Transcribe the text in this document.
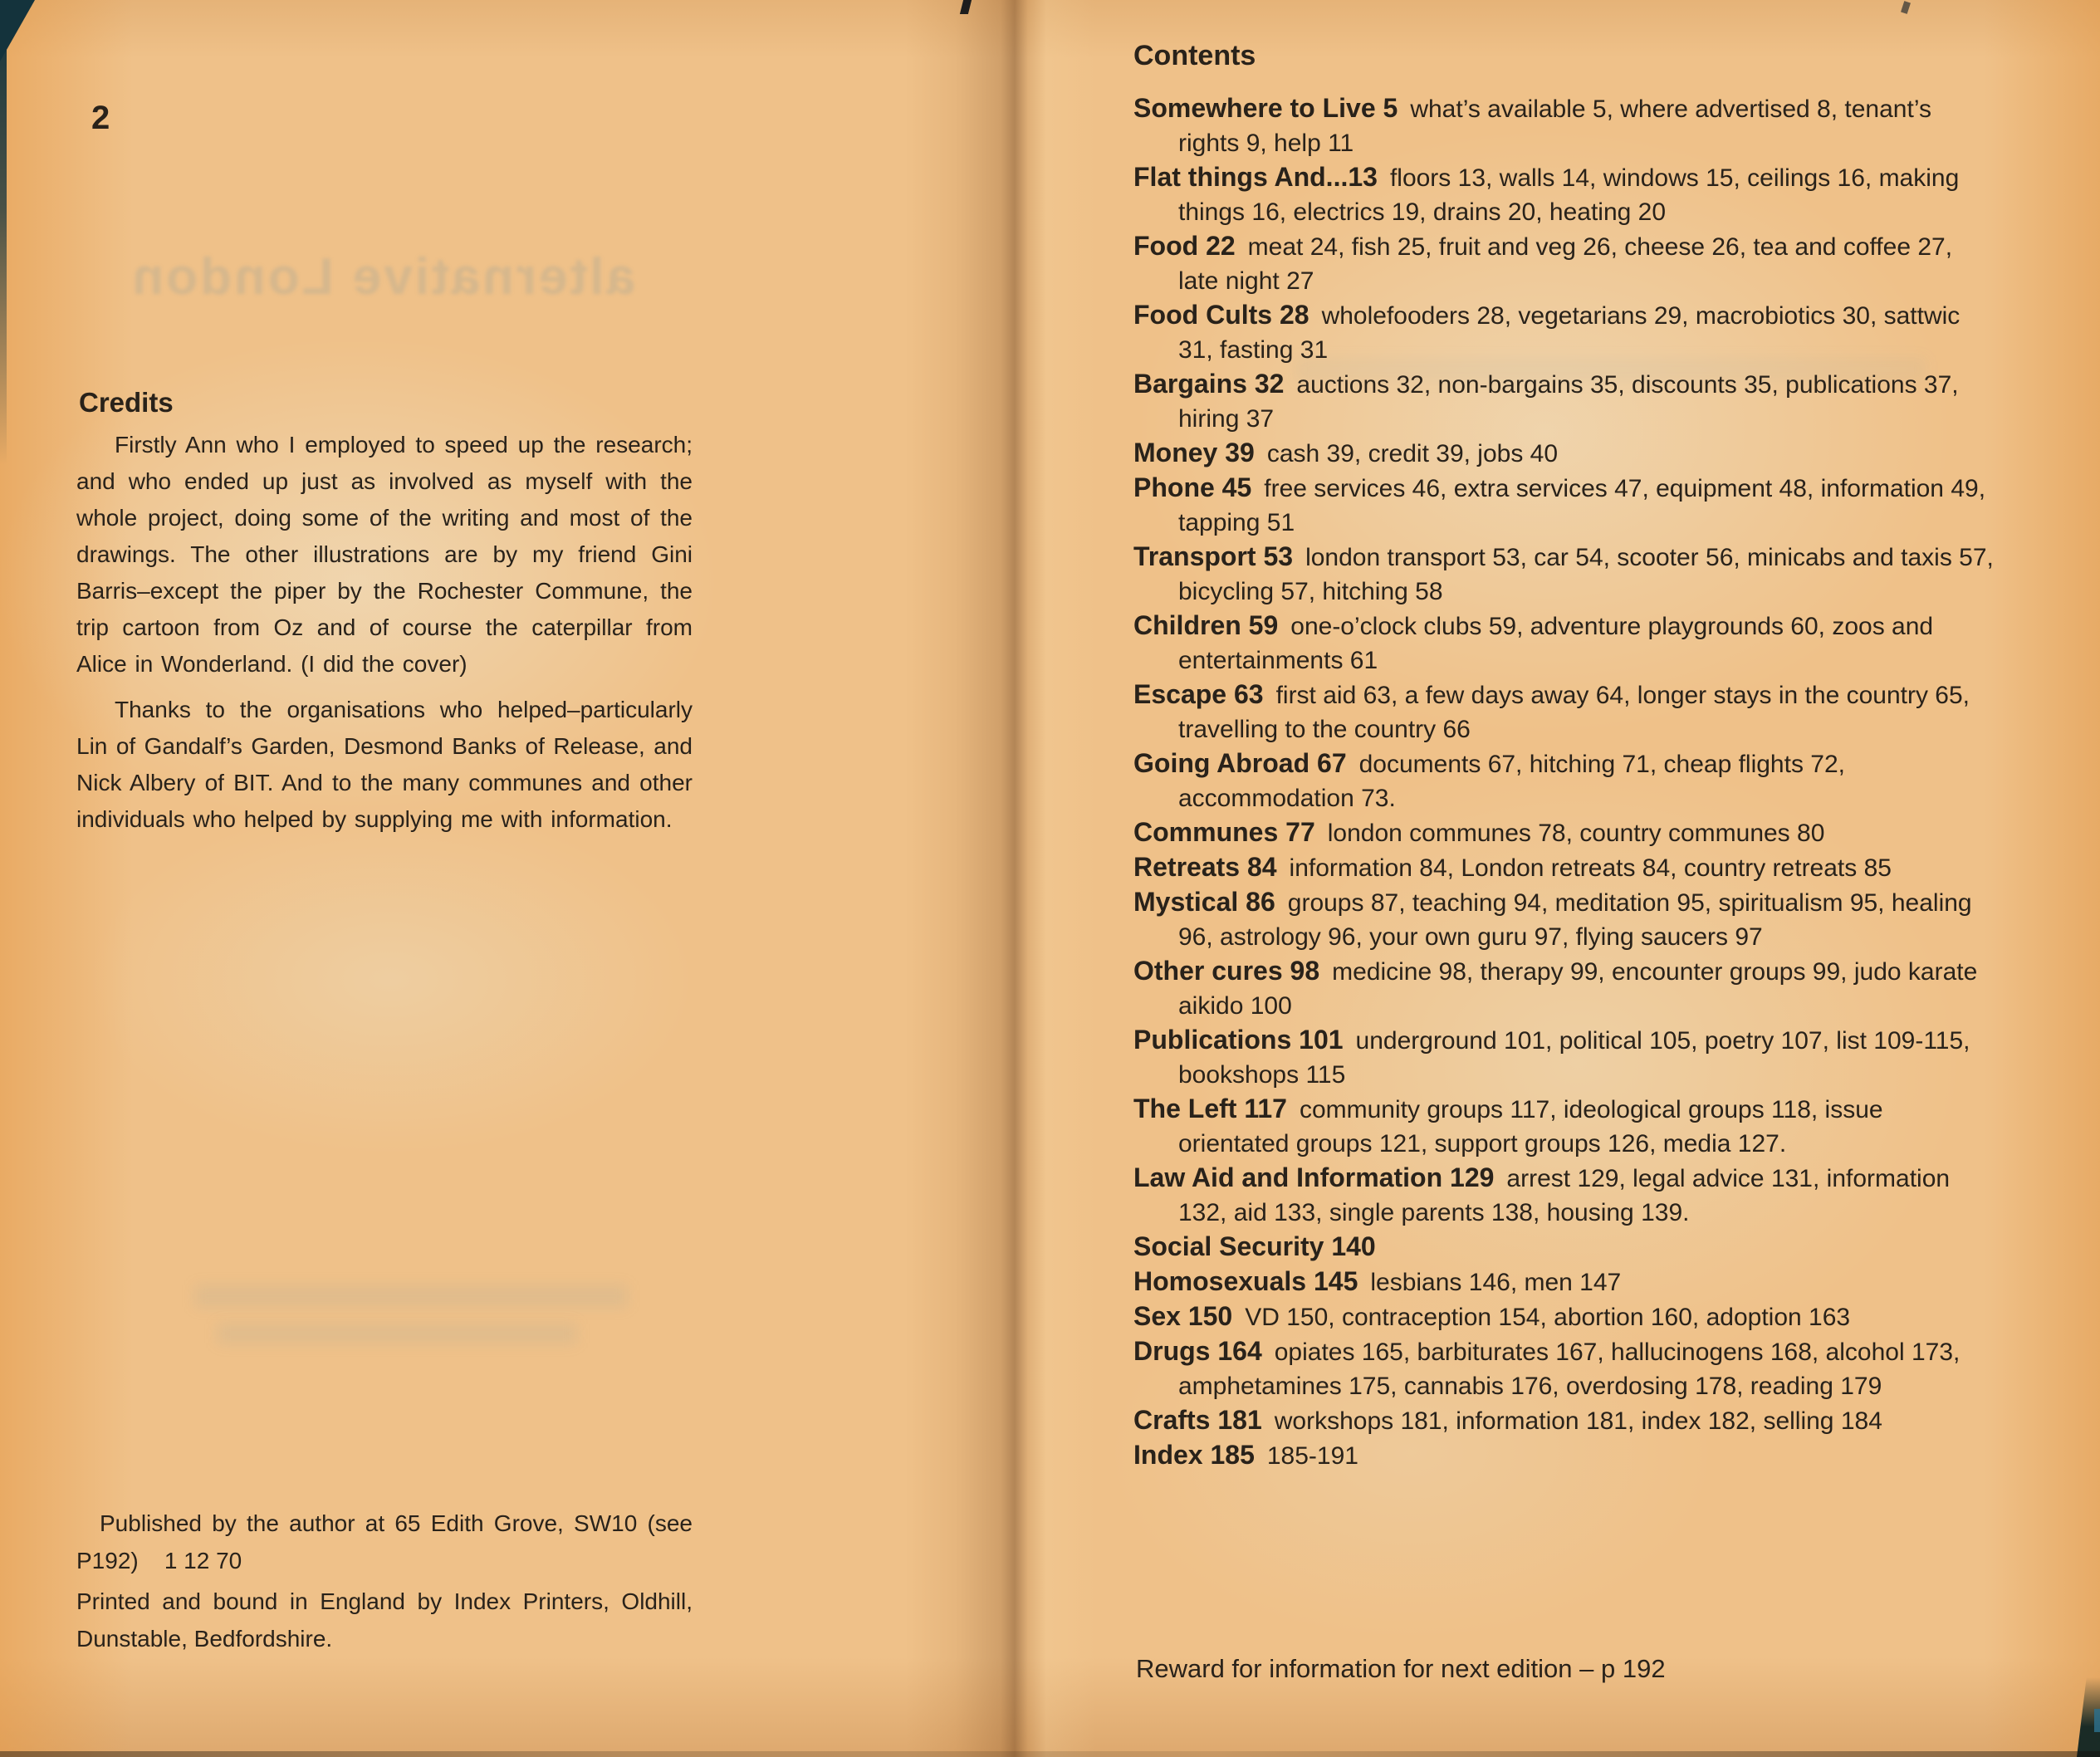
alternative London
2
Credits

Firstly Ann who I employed to speed up the research; and who ended up just as involved as myself with the whole project, doing some of the writing and most of the drawings. The other illustrations are by my friend Gini Barris–except the piper by the Rochester Commune, the trip cartoon from Oz and of course the caterpillar from Alice in Wonderland. (I did the cover)

Thanks to the organisations who helped–particularly Lin of Gandalf’s Garden, Desmond Banks of Release, and Nick Albery of BIT. And to the many communes and other individuals who helped by supplying me with information.

Published by the author at 65 Edith Grove, SW10 (see
P192)    1 12 70
Printed and bound in England by Index Printers, Oldhill,
Dunstable, Bedfordshire.
Contents
Somewhere to Live 5 what’s available 5, where advertised 8, tenant’s rights 9, help 11
Flat things And...13 floors 13, walls 14, windows 15, ceilings 16, making things 16, electrics 19, drains 20, heating 20
Food 22 meat 24, fish 25, fruit and veg 26, cheese 26, tea and coffee 27, late night 27
Food Cults 28 wholefooders 28, vegetarians 29, macrobiotics 30, sattwic 31, fasting 31
Bargains 32 auctions 32, non-bargains 35, discounts 35, publications 37, hiring 37
Money 39 cash 39, credit 39, jobs 40
Phone 45 free services 46, extra services 47, equipment 48, information 49, tapping 51
Transport 53 london transport 53, car 54, scooter 56, minicabs and taxis 57, bicycling 57, hitching 58
Children 59 one-o’clock clubs 59, adventure playgrounds 60, zoos and entertainments 61
Escape 63 first aid 63, a few days away 64, longer stays in the country 65, travelling to the country 66
Going Abroad 67 documents 67, hitching 71, cheap flights 72, accommodation 73.
Communes 77 london communes 78, country communes 80
Retreats 84 information 84, London retreats 84, country retreats 85
Mystical 86 groups 87, teaching 94, meditation 95, spiritualism 95, healing 96, astrology 96, your own guru 97, flying saucers 97
Other cures 98 medicine 98, therapy 99, encounter groups 99, judo karate aikido 100
Publications 101 underground 101, political 105, poetry 107, list 109-115, bookshops 115
The Left 117 community groups 117, ideological groups 118, issue orientated groups 121, support groups 126, media 127.
Law Aid and Information 129 arrest 129, legal advice 131, information 132, aid 133, single parents 138, housing 139.
Social Security 140
Homosexuals 145 lesbians 146, men 147
Sex 150 VD 150, contraception 154, abortion 160, adoption 163
Drugs 164 opiates 165, barbiturates 167, hallucinogens 168, alcohol 173, amphetamines 175, cannabis 176, overdosing 178, reading 179
Crafts 181 workshops 181, information 181, index 182, selling 184
Index 185 185-191

Reward for information for next edition – p 192
